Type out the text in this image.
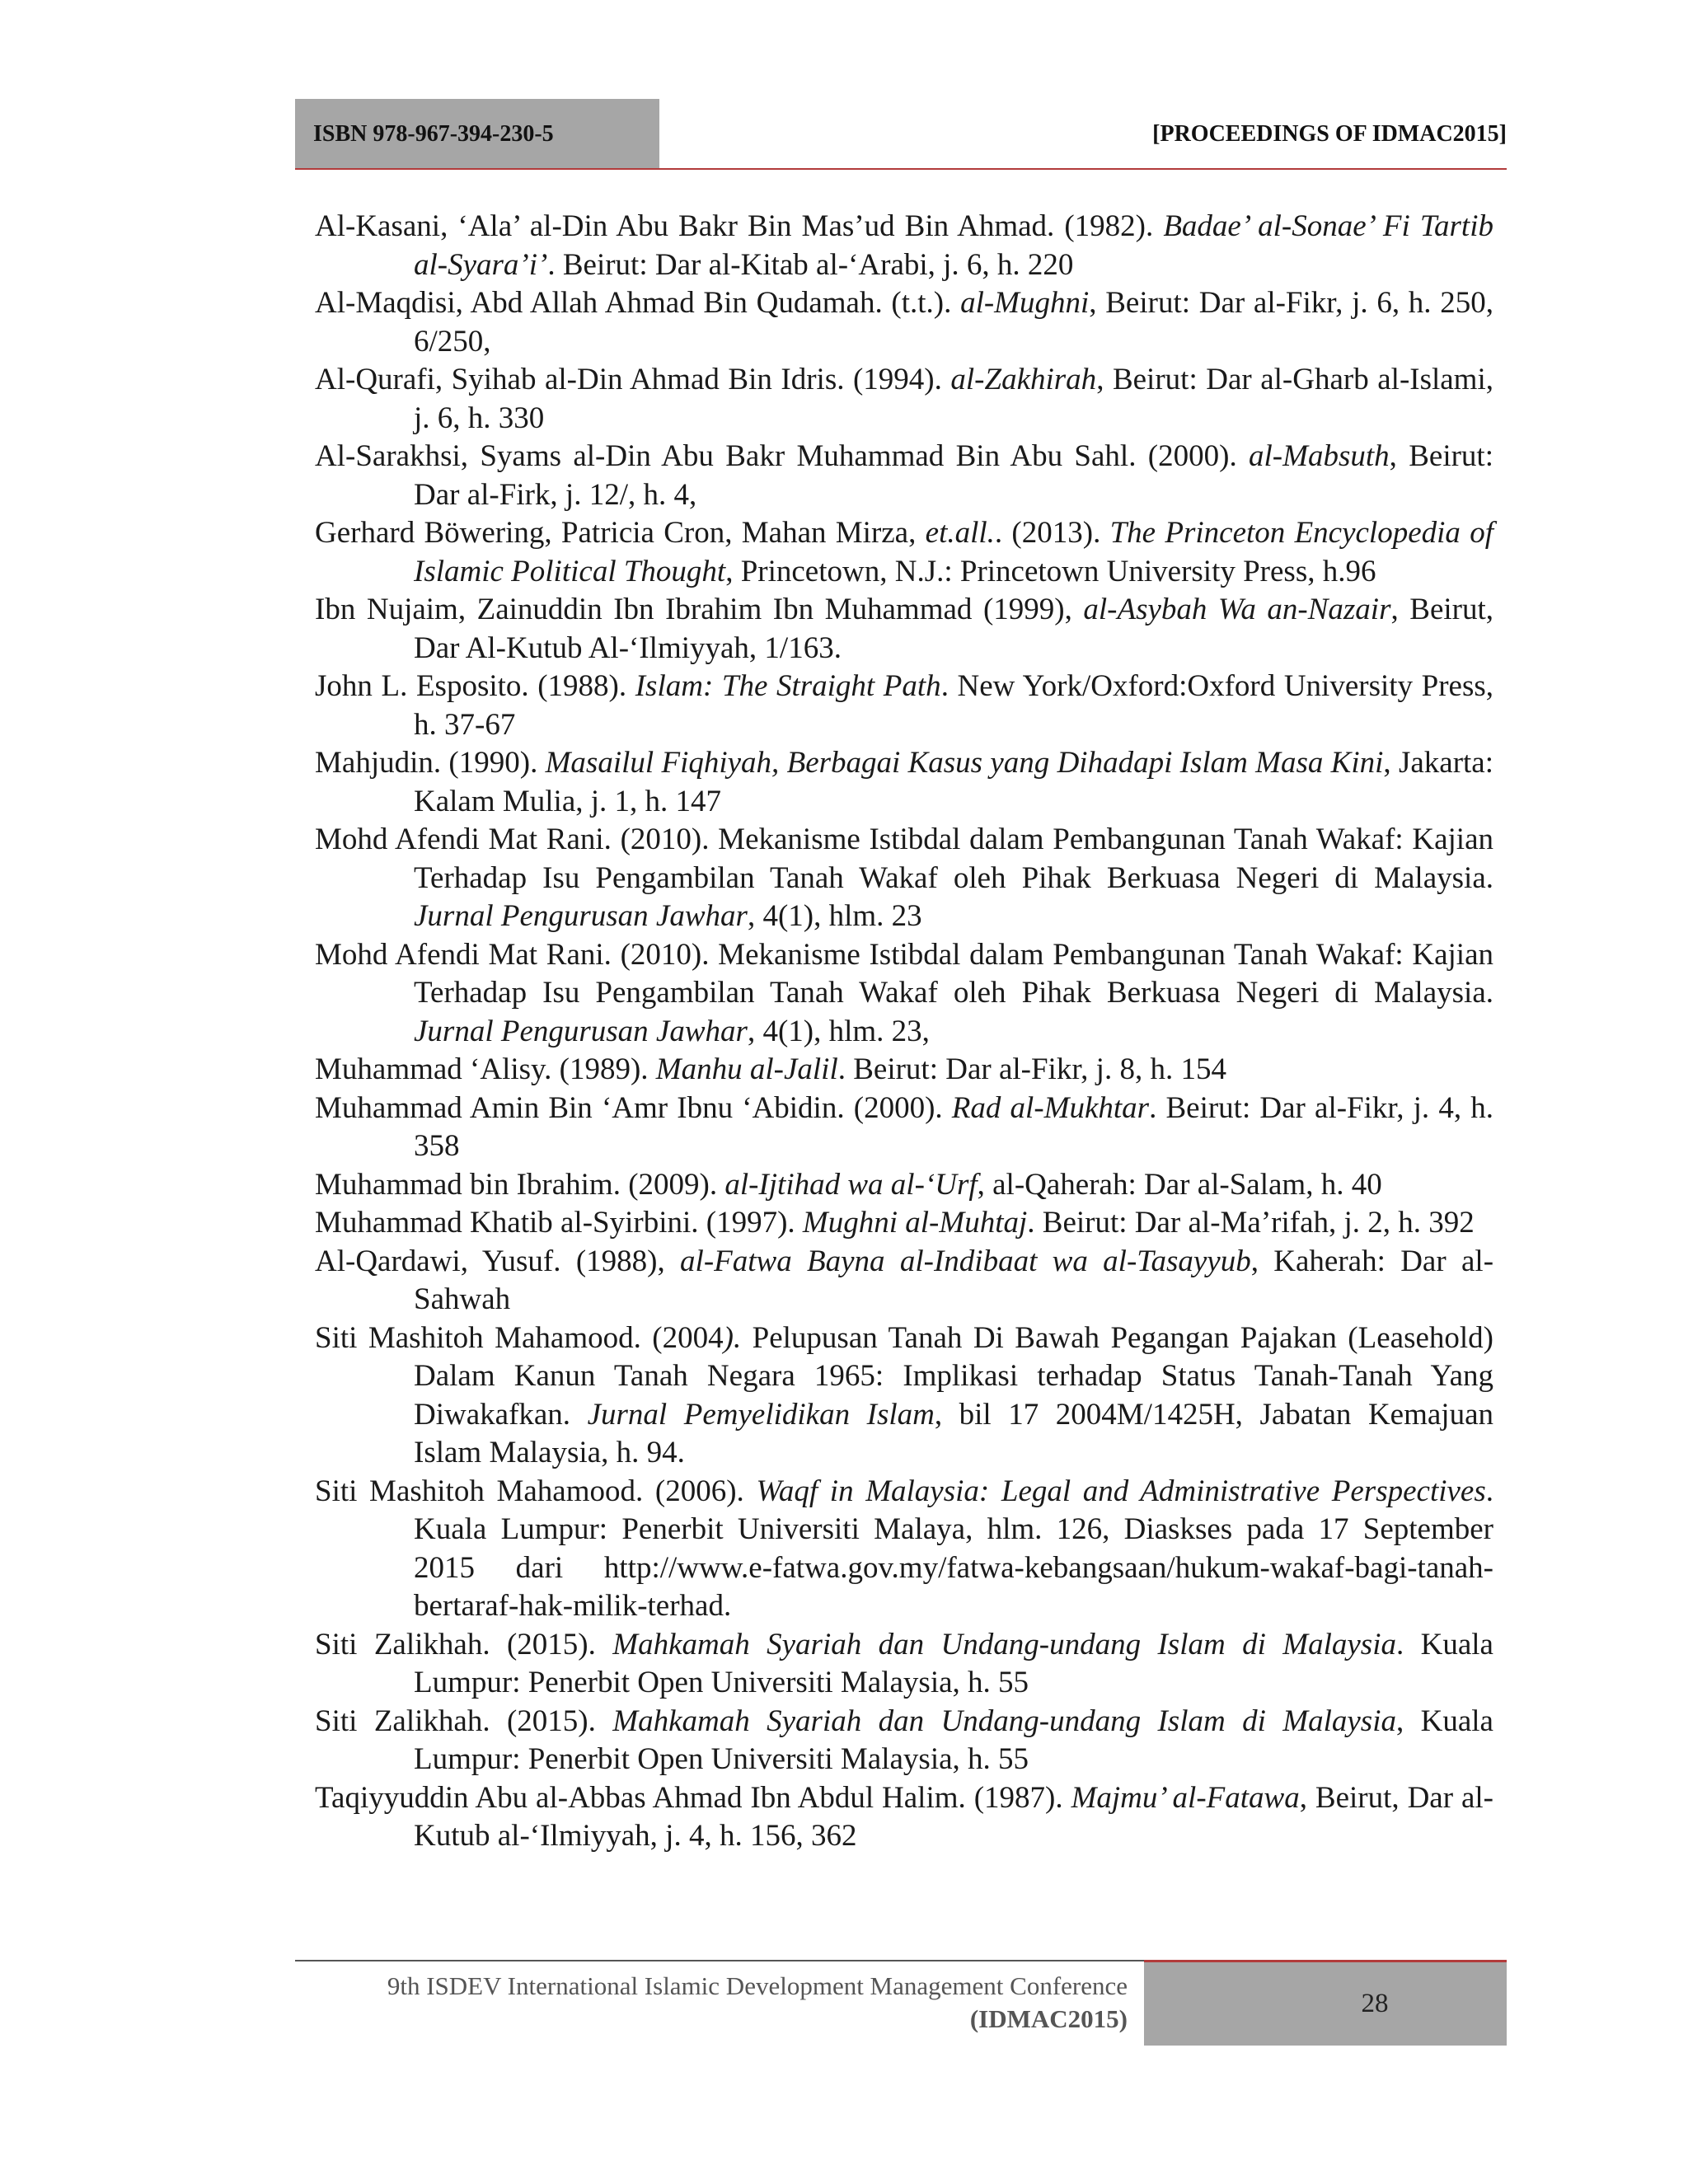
ISBN 978-967-394-230-5	[PROCEEDINGS OF IDMAC2015]

Al-Kasani, ‘Ala’ al-Din Abu Bakr Bin Mas’ud Bin Ahmad. (1982). Badae’ al-Sonae’ Fi Tartib al-Syara’i’. Beirut: Dar al-Kitab al-‘Arabi, j. 6, h. 220

Al-Maqdisi, Abd Allah Ahmad Bin Qudamah. (t.t.). al-Mughni, Beirut: Dar al-Fikr, j. 6, h. 250, 6/250,

Al-Qurafi, Syihab al-Din Ahmad Bin Idris. (1994). al-Zakhirah, Beirut: Dar al-Gharb al-Islami, j. 6, h. 330

Al-Sarakhsi, Syams al-Din Abu Bakr Muhammad Bin Abu Sahl. (2000). al-Mabsuth, Beirut: Dar al-Firk, j. 12/, h. 4,

Gerhard Böwering, Patricia Cron, Mahan Mirza, et.all.. (2013). The Princeton Encyclopedia of Islamic Political Thought, Princetown, N.J.: Princetown University Press, h.96

Ibn Nujaim, Zainuddin Ibn Ibrahim Ibn Muhammad (1999), al-Asybah Wa an-Nazair, Beirut, Dar Al-Kutub Al-‘Ilmiyyah, 1/163.

John L. Esposito. (1988). Islam: The Straight Path. New York/Oxford:Oxford University Press, h. 37-67

Mahjudin. (1990). Masailul Fiqhiyah, Berbagai Kasus yang Dihadapi Islam Masa Kini, Jakarta: Kalam Mulia, j. 1, h. 147

Mohd Afendi Mat Rani. (2010). Mekanisme Istibdal dalam Pembangunan Tanah Wakaf: Kajian Terhadap Isu Pengambilan Tanah Wakaf oleh Pihak Berkuasa Negeri di Malaysia. Jurnal Pengurusan Jawhar, 4(1), hlm. 23

Mohd Afendi Mat Rani. (2010). Mekanisme Istibdal dalam Pembangunan Tanah Wakaf: Kajian Terhadap Isu Pengambilan Tanah Wakaf oleh Pihak Berkuasa Negeri di Malaysia. Jurnal Pengurusan Jawhar, 4(1), hlm. 23,

Muhammad ‘Alisy. (1989). Manhu al-Jalil. Beirut: Dar al-Fikr, j. 8, h. 154

Muhammad Amin Bin ‘Amr Ibnu ‘Abidin. (2000). Rad al-Mukhtar. Beirut: Dar al-Fikr, j. 4, h. 358

Muhammad bin Ibrahim. (2009). al-Ijtihad wa al-‘Urf, al-Qaherah: Dar al-Salam, h. 40

Muhammad Khatib al-Syirbini. (1997). Mughni al-Muhtaj. Beirut: Dar al-Ma’rifah, j. 2, h. 392

Al-Qardawi, Yusuf. (1988), al-Fatwa Bayna al-Indibaat wa al-Tasayyub, Kaherah: Dar al-Sahwah

Siti Mashitoh Mahamood. (2004). Pelupusan Tanah Di Bawah Pegangan Pajakan (Leasehold) Dalam Kanun Tanah Negara 1965: Implikasi terhadap Status Tanah-Tanah Yang Diwakafkan. Jurnal Pemyelidikan Islam, bil 17 2004M/1425H, Jabatan Kemajuan Islam Malaysia, h. 94.

Siti Mashitoh Mahamood. (2006). Waqf in Malaysia: Legal and Administrative Perspectives. Kuala Lumpur: Penerbit Universiti Malaya, hlm. 126, Diaskses pada 17 September 2015 dari http://www.e-fatwa.gov.my/fatwa-kebangsaan/hukum-wakaf-bagi-tanah-bertaraf-hak-milik-terhad.

Siti Zalikhah. (2015). Mahkamah Syariah dan Undang-undang Islam di Malaysia. Kuala Lumpur: Penerbit Open Universiti Malaysia, h. 55

Siti Zalikhah. (2015). Mahkamah Syariah dan Undang-undang Islam di Malaysia, Kuala Lumpur: Penerbit Open Universiti Malaysia, h. 55

Taqiyyuddin Abu al-Abbas Ahmad Ibn Abdul Halim. (1987). Majmu’ al-Fatawa, Beirut, Dar al-Kutub al-‘Ilmiyyah, j. 4, h. 156, 362

9th ISDEV International Islamic Development Management Conference
(IDMAC2015)
28
